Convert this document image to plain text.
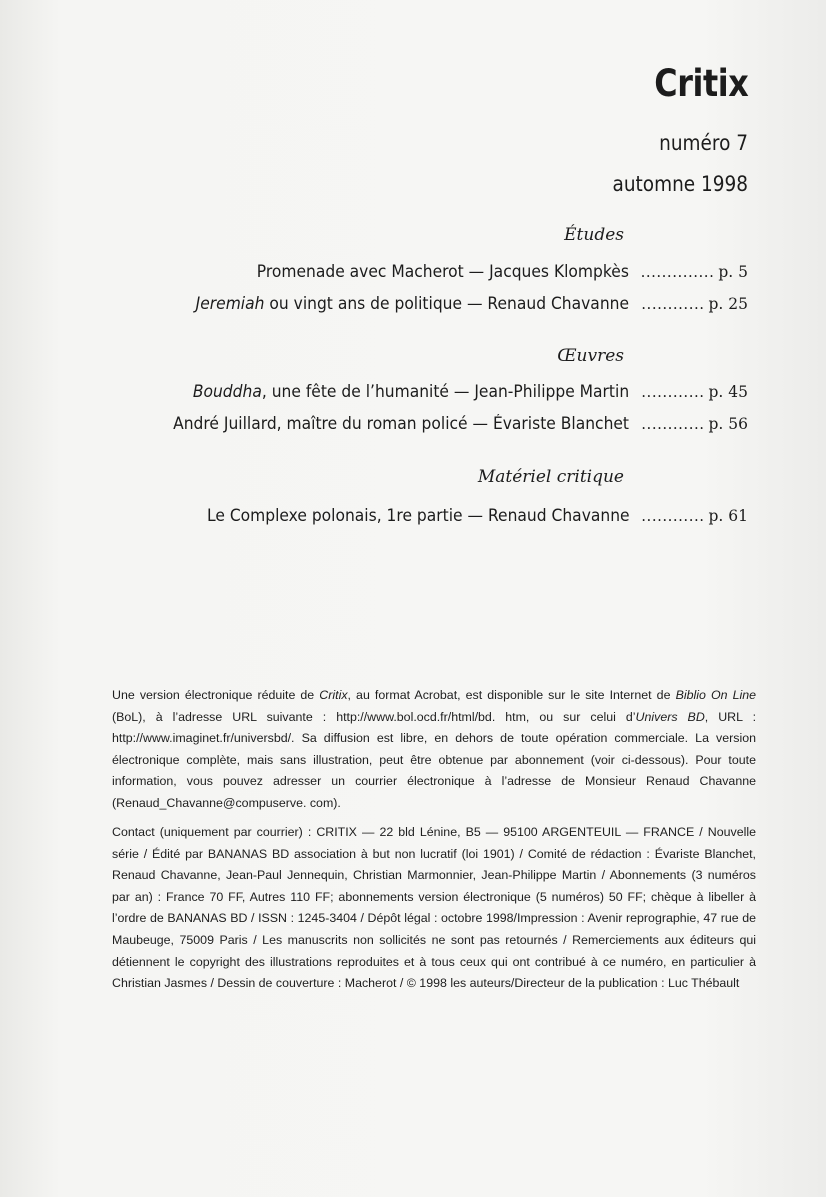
Critix
numéro 7
automne 1998
Études
Promenade avec Macherot — Jacques Klompkès .............. p. 5
Jeremiah ou vingt ans de politique — Renaud Chavanne ............ p. 25
Œuvres
Bouddha, une fête de l’humanité — Jean-Philippe Martin ............ p. 45
André Juillard, maître du roman policé — Évariste Blanchet ............ p. 56
Matériel critique
Le Complexe polonais, 1re partie — Renaud Chavanne ............ p. 61
Une version électronique réduite de Critix, au format Acrobat, est disponible sur le site Internet de Biblio On Line (BoL), à l’adresse URL suivante : http://www.bol.ocd.fr/html/bd. htm, ou sur celui d’Univers BD, URL : http://www.imaginet.fr/universbd/. Sa diffusion est libre, en dehors de toute opération commerciale. La version électronique complète, mais sans illustration, peut être obtenue par abonnement (voir ci-dessous). Pour toute information, vous pouvez adresser un courrier électronique à l’adresse de Monsieur Renaud Chavanne (Renaud_Chavanne@compuserve. com).
Contact (uniquement par courrier) : CRITIX — 22 bld Lénine, B5 — 95100 ARGENTEUIL — FRANCE / Nouvelle série / Édité par BANANAS BD association à but non lucratif (loi 1901) / Comité de rédaction : Évariste Blanchet, Renaud Chavanne, Jean-Paul Jennequin, Christian Marmonnier, Jean-Philippe Martin / Abonnements (3 numéros par an) : France 70 FF, Autres 110 FF; abonnements version électronique (5 numéros) 50 FF; chèque à libeller à l’ordre de BANANAS BD / ISSN : 1245-3404 / Dépôt légal : octobre 1998/Impression : Avenir reprographie, 47 rue de Maubeuge, 75009 Paris / Les manuscrits non sollicités ne sont pas retournés / Remerciements aux éditeurs qui détiennent le copyright des illustrations reproduites et à tous ceux qui ont contribué à ce numéro, en particulier à Christian Jasmes / Dessin de couverture : Macherot / © 1998 les auteurs/Directeur de la publication : Luc Thébault
